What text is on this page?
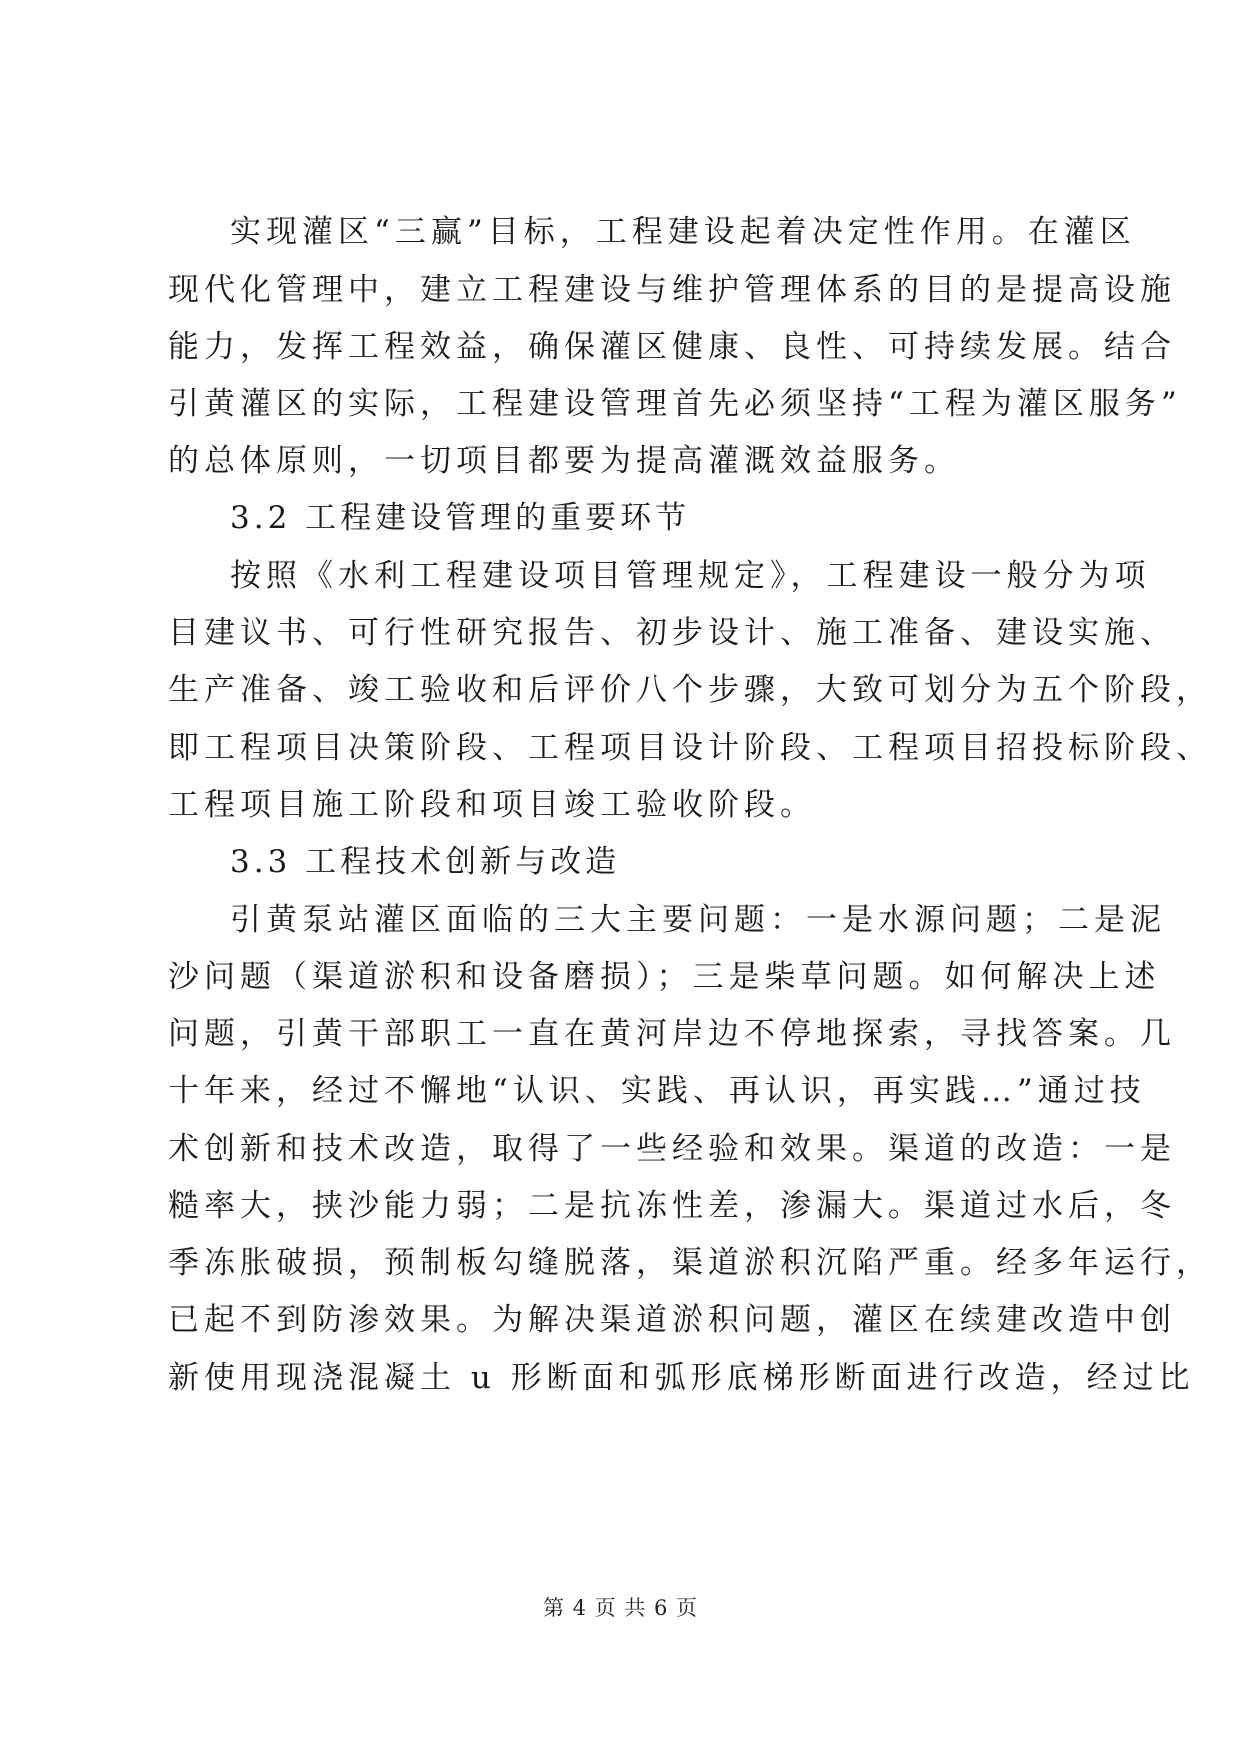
实现灌区“三赢”目标，工程建设起着决定性作用。在灌区
现代化管理中，建立工程建设与维护管理体系的目的是提高设施
能力，发挥工程效益，确保灌区健康、良性、可持续发展。结合
引黄灌区的实际，工程建设管理首先必须坚持“工程为灌区服务”
的总体原则，一切项目都要为提高灌溉效益服务。
3.2 工程建设管理的重要环节
按照《水利工程建设项目管理规定》，工程建设一般分为项
目建议书、可行性研究报告、初步设计、施工准备、建设实施、
生产准备、竣工验收和后评价八个步骤，大致可划分为五个阶段，
即工程项目决策阶段、工程项目设计阶段、工程项目招投标阶段、
工程项目施工阶段和项目竣工验收阶段。
3.3 工程技术创新与改造
引黄泵站灌区面临的三大主要问题：一是水源问题；二是泥
沙问题（渠道淤积和设备磨损）；三是柴草问题。如何解决上述
问题，引黄干部职工一直在黄河岸边不停地探索，寻找答案。几
十年来，经过不懈地“认识、实践、再认识，再实践…”通过技
术创新和技术改造，取得了一些经验和效果。渠道的改造：一是
糙率大，挟沙能力弱；二是抗冻性差，渗漏大。渠道过水后，冬
季冻胀破损，预制板勾缝脱落，渠道淤积沉陷严重。经多年运行，
已起不到防渗效果。为解决渠道淤积问题，灌区在续建改造中创
新使用现浇混凝土 u 形断面和弧形底梯形断面进行改造，经过比
第 4 页 共 6 页
